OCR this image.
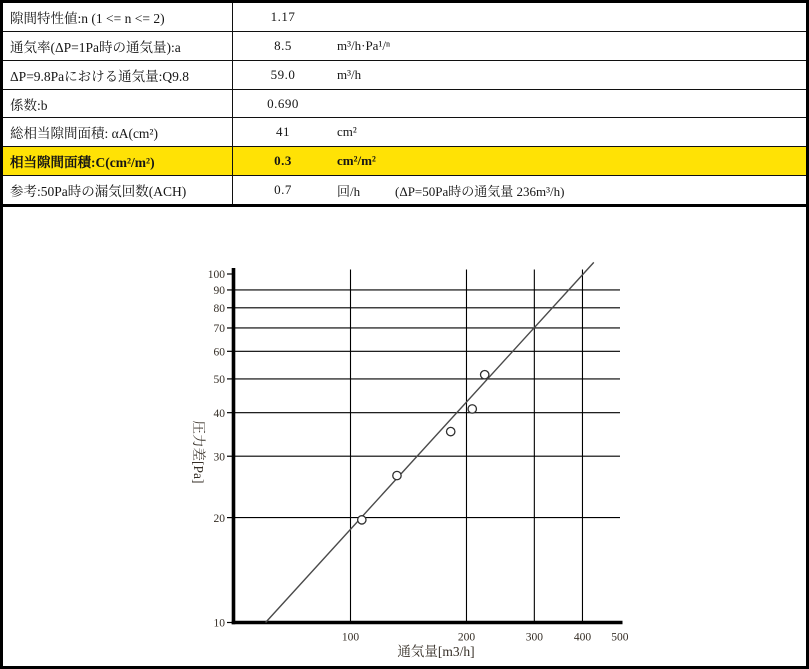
隙間特性値:n (1 <= n <= 2)	1.17
通気率(ΔP=1Pa時の通気量):a	8.5	m³/h·Pa¹/ⁿ
ΔP=9.8Paにおける通気量:Q9.8	59.0	m³/h
係数:b	0.690
総相当隙間面積: αA(cm²)	41	cm²
相当隙間面積:C(cm²/m²)	0.3	cm²/m²
参考:50Pa時の漏気回数(ACH)	0.7	回/h	(ΔP=50Pa時の通気量 236m³/h)
10
20
30
40
50
60
70
80
90
100
100	200	300	400 500
圧力差[Pa]
通気量[m3/h]
